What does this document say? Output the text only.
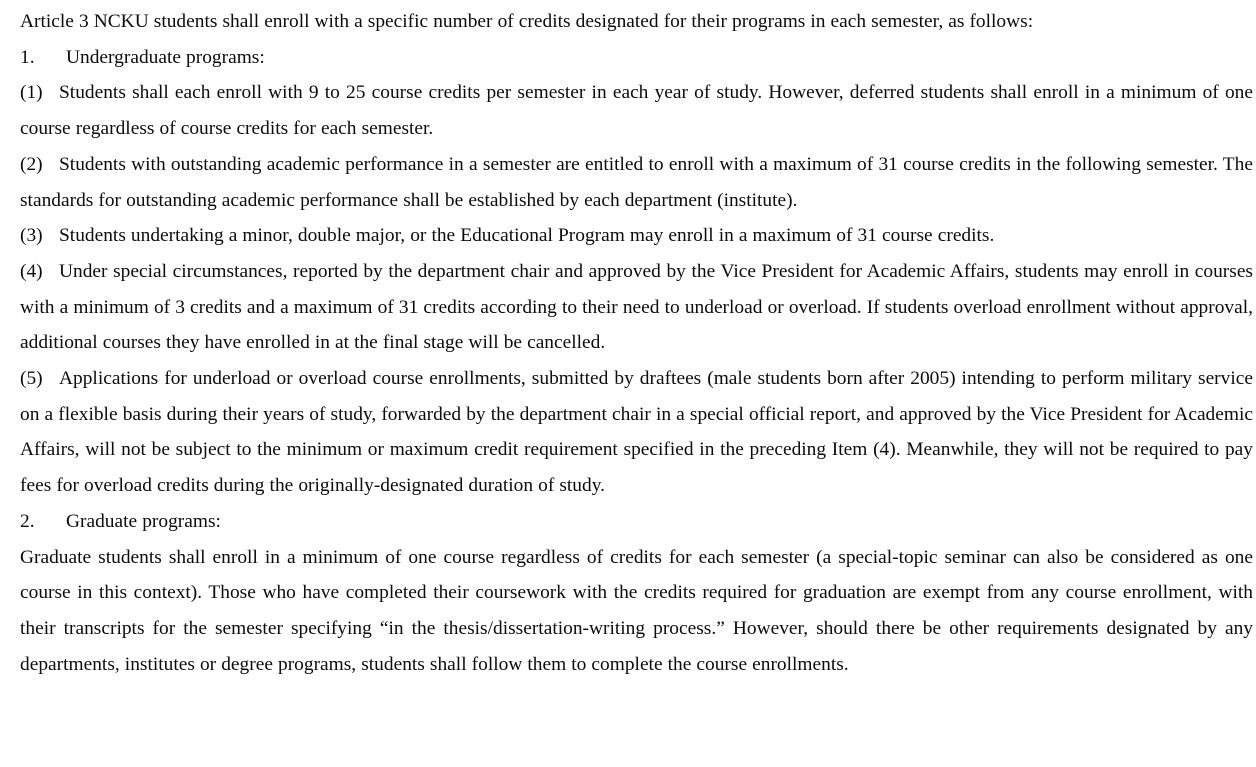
Article 3 NCKU students shall enroll with a specific number of credits designated for their programs in each semester, as follows:

1. Undergraduate programs:

(1) Students shall each enroll with 9 to 25 course credits per semester in each year of study. However, deferred students shall enroll in a minimum of one course regardless of course credits for each semester.

(2) Students with outstanding academic performance in a semester are entitled to enroll with a maximum of 31 course credits in the following semester. The standards for outstanding academic performance shall be established by each department (institute).

(3) Students undertaking a minor, double major, or the Educational Program may enroll in a maximum of 31 course credits.

(4) Under special circumstances, reported by the department chair and approved by the Vice President for Academic Affairs, students may enroll in courses with a minimum of 3 credits and a maximum of 31 credits according to their need to underload or overload. If students overload enrollment without approval, additional courses they have enrolled in at the final stage will be cancelled.

(5) Applications for underload or overload course enrollments, submitted by draftees (male students born after 2005) intending to perform military service on a flexible basis during their years of study, forwarded by the department chair in a special official report, and approved by the Vice President for Academic Affairs, will not be subject to the minimum or maximum credit requirement specified in the preceding Item (4). Meanwhile, they will not be required to pay fees for overload credits during the originally-designated duration of study.

2. Graduate programs:

Graduate students shall enroll in a minimum of one course regardless of credits for each semester (a special-topic seminar can also be considered as one course in this context). Those who have completed their coursework with the credits required for graduation are exempt from any course enrollment, with their transcripts for the semester specifying “in the thesis/dissertation-writing process.” However, should there be other requirements designated by any departments, institutes or degree programs, students shall follow them to complete the course enrollments.
